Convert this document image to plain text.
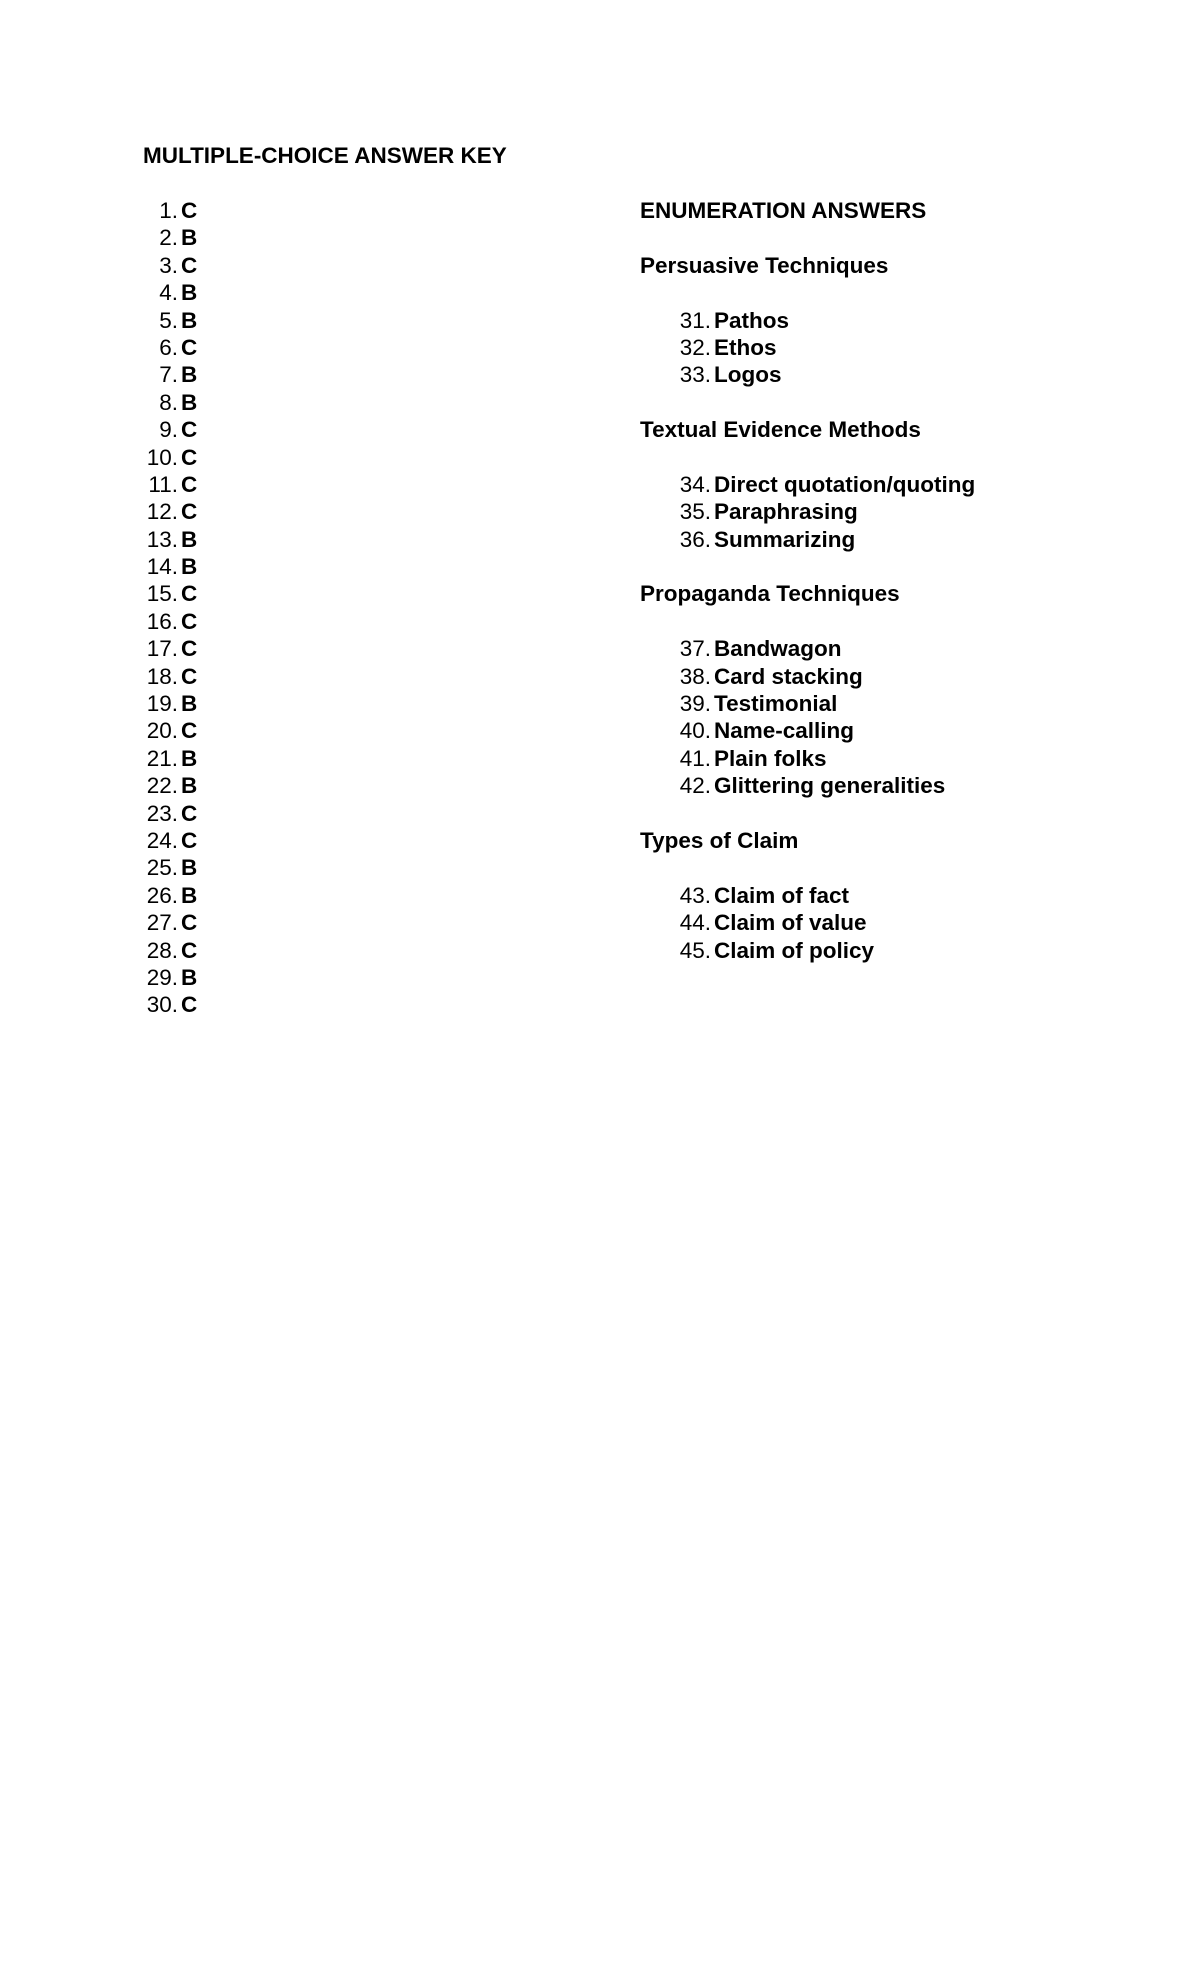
MULTIPLE-CHOICE ANSWER KEY
1. C
2. B
3. C
4. B
5. B
6. C
7. B
8. B
9. C
10. C
11. C
12. C
13. B
14. B
15. C
16. C
17. C
18. C
19. B
20. C
21. B
22. B
23. C
24. C
25. B
26. B
27. C
28. C
29. B
30. C
ENUMERATION ANSWERS
Persuasive Techniques
31. Pathos
32. Ethos
33. Logos
Textual Evidence Methods
34. Direct quotation/quoting
35. Paraphrasing
36. Summarizing
Propaganda Techniques
37. Bandwagon
38. Card stacking
39. Testimonial
40. Name-calling
41. Plain folks
42. Glittering generalities
Types of Claim
43. Claim of fact
44. Claim of value
45. Claim of policy
